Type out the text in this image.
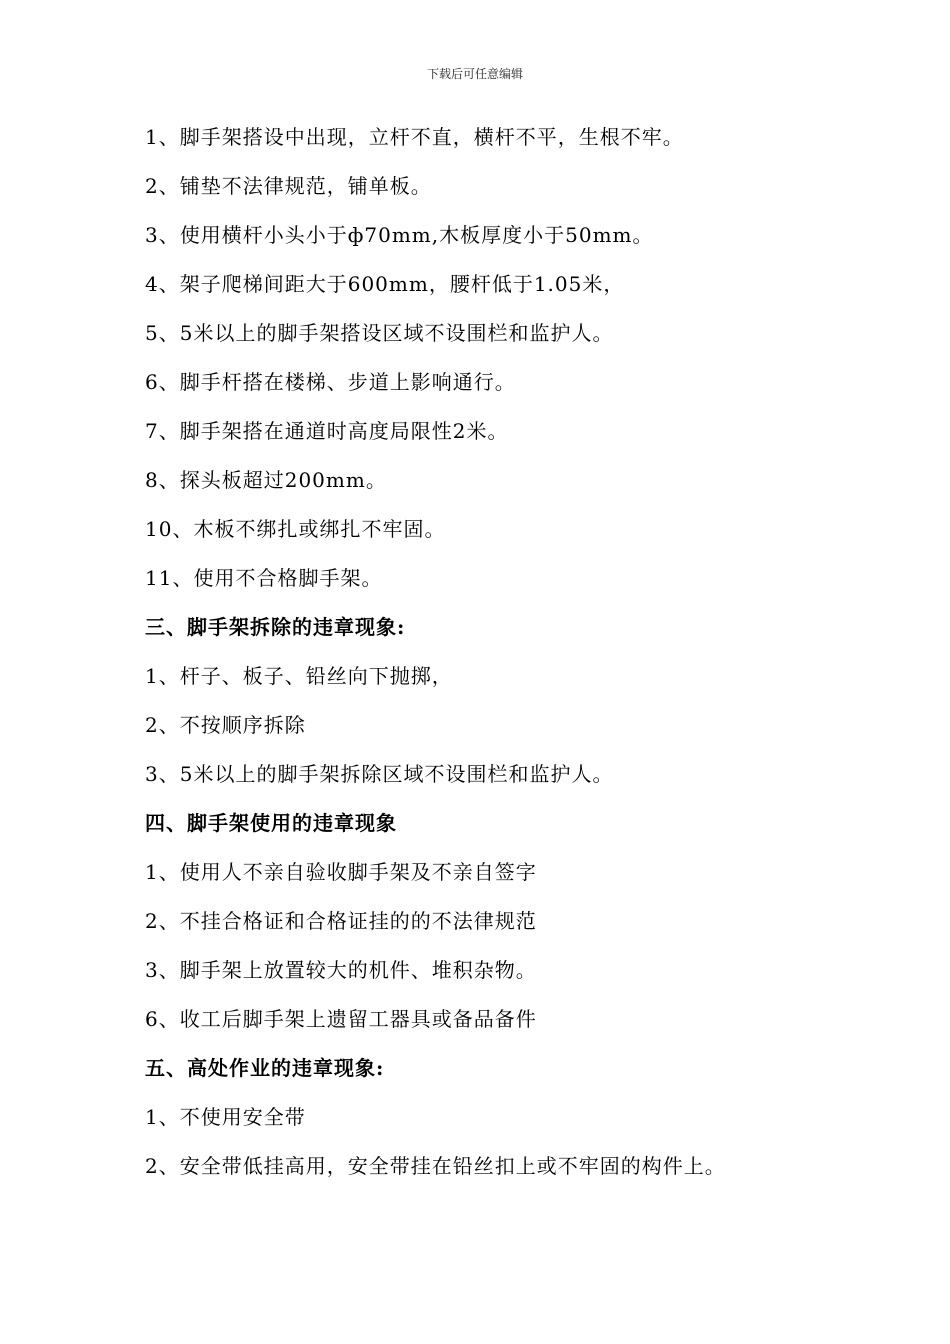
下载后可任意编辑
1、脚手架搭设中出现，立杆不直，横杆不平，生根不牢。
2、铺垫不法律规范，铺单板。
3、使用横杆小头小于ф70mm,木板厚度小于50mm。
4、架子爬梯间距大于600mm，腰杆低于1.05米，
5、5米以上的脚手架搭设区域不设围栏和监护人。
6、脚手杆搭在楼梯、步道上影响通行。
7、脚手架搭在通道时高度局限性2米。
8、探头板超过200mm。
10、木板不绑扎或绑扎不牢固。
11、使用不合格脚手架。
三、脚手架拆除的违章现象:
1、杆子、板子、铅丝向下抛掷，
2、不按顺序拆除
3、5米以上的脚手架拆除区域不设围栏和监护人。
四、脚手架使用的违章现象
1、使用人不亲自验收脚手架及不亲自签字
2、不挂合格证和合格证挂的的不法律规范
3、脚手架上放置较大的机件、堆积杂物。
6、收工后脚手架上遗留工器具或备品备件
五、高处作业的违章现象:
1、不使用安全带
2、安全带低挂高用，安全带挂在铅丝扣上或不牢固的构件上。
